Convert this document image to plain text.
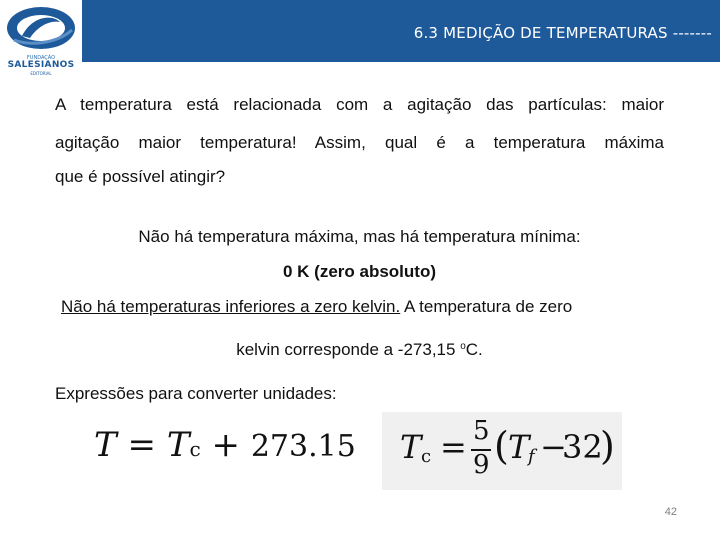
6.3 MEDIÇÃO DE TEMPERATURAS -------
FUNDAÇÃO
SALESIANOS
EDITORIAL
A temperatura está relacionada com a agitação das partículas: maior
agitação maior temperatura! Assim, qual é a temperatura máxima
que é possível atingir?
Não há temperatura máxima, mas há temperatura mínima:
0 K (zero absoluto)
Não há temperaturas inferiores a zero kelvin. A temperatura de zero
kelvin corresponde a -273,15 $^o$C.
Expressões para converter unidades:
T = Tc + 273.15 T c = 5
9 ( T
f −
32
)
42
